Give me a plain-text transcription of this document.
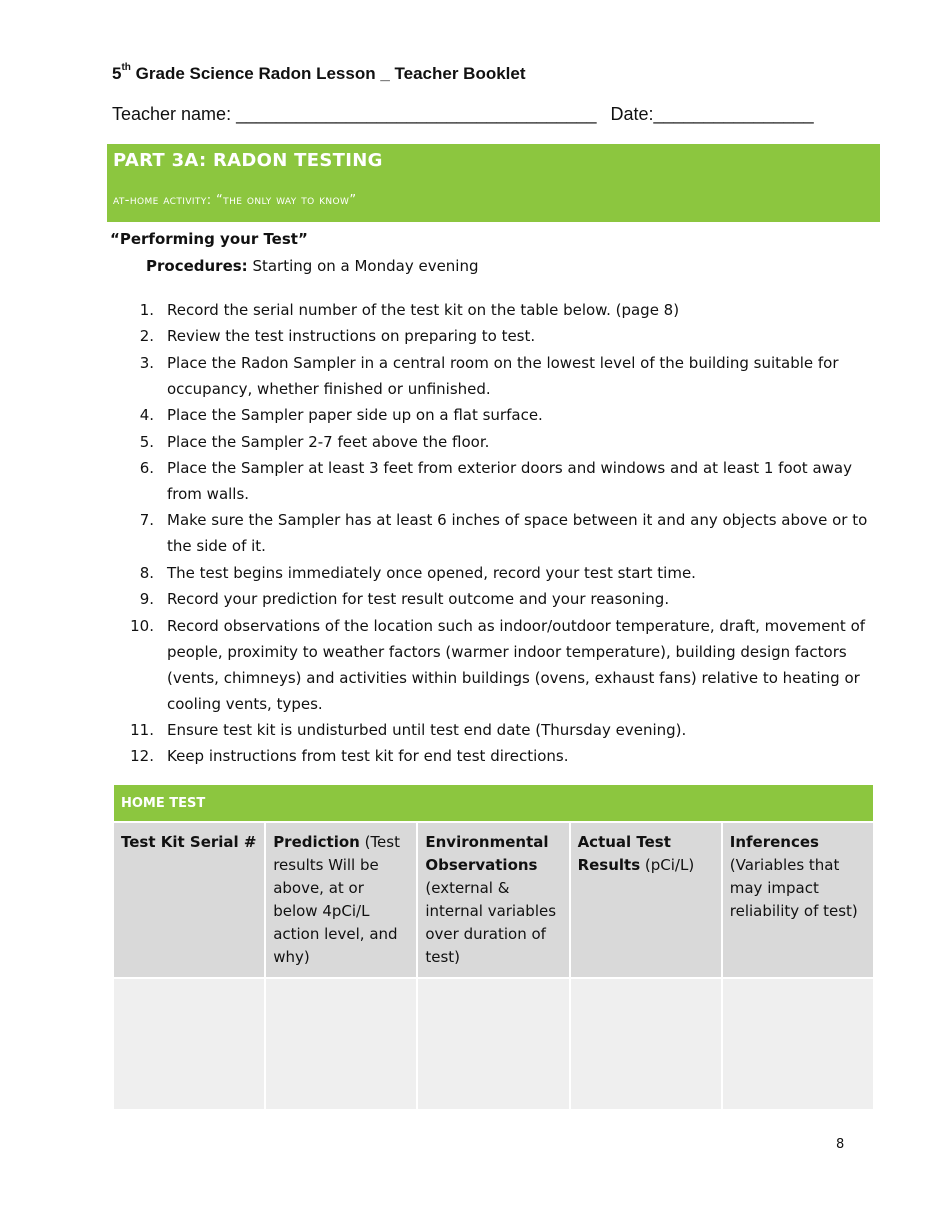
5th Grade Science Radon Lesson _ Teacher Booklet
Teacher name: ____________________________________ Date:________________
PART 3A: RADON TESTING
at-home activity: “the only way to know”
“Performing your Test”
Procedures: Starting on a Monday evening
1. Record the serial number of the test kit on the table below. (page 8)
2. Review the test instructions on preparing to test.
3. Place the Radon Sampler in a central room on the lowest level of the building suitable for occupancy, whether finished or unfinished.
4. Place the Sampler paper side up on a flat surface.
5. Place the Sampler 2-7 feet above the floor.
6. Place the Sampler at least 3 feet from exterior doors and windows and at least 1 foot away from walls.
7. Make sure the Sampler has at least 6 inches of space between it and any objects above or to the side of it.
8. The test begins immediately once opened, record your test start time.
9. Record your prediction for test result outcome and your reasoning.
10. Record observations of the location such as indoor/outdoor temperature, draft, movement of people, proximity to weather factors (warmer indoor temperature), building design factors (vents, chimneys) and activities within buildings (ovens, exhaust fans) relative to heating or cooling vents, types.
11. Ensure test kit is undisturbed until test end date (Thursday evening).
12. Keep instructions from test kit for end test directions.
HOME TEST				
Test Kit Serial #	Prediction (Test results Will be above, at or below 4pCi/L action level, and why)	Environmental Observations (external & internal variables over duration of test)	Actual Test Results (pCi/L)	Inferences (Variables that may impact reliability of test)

8
